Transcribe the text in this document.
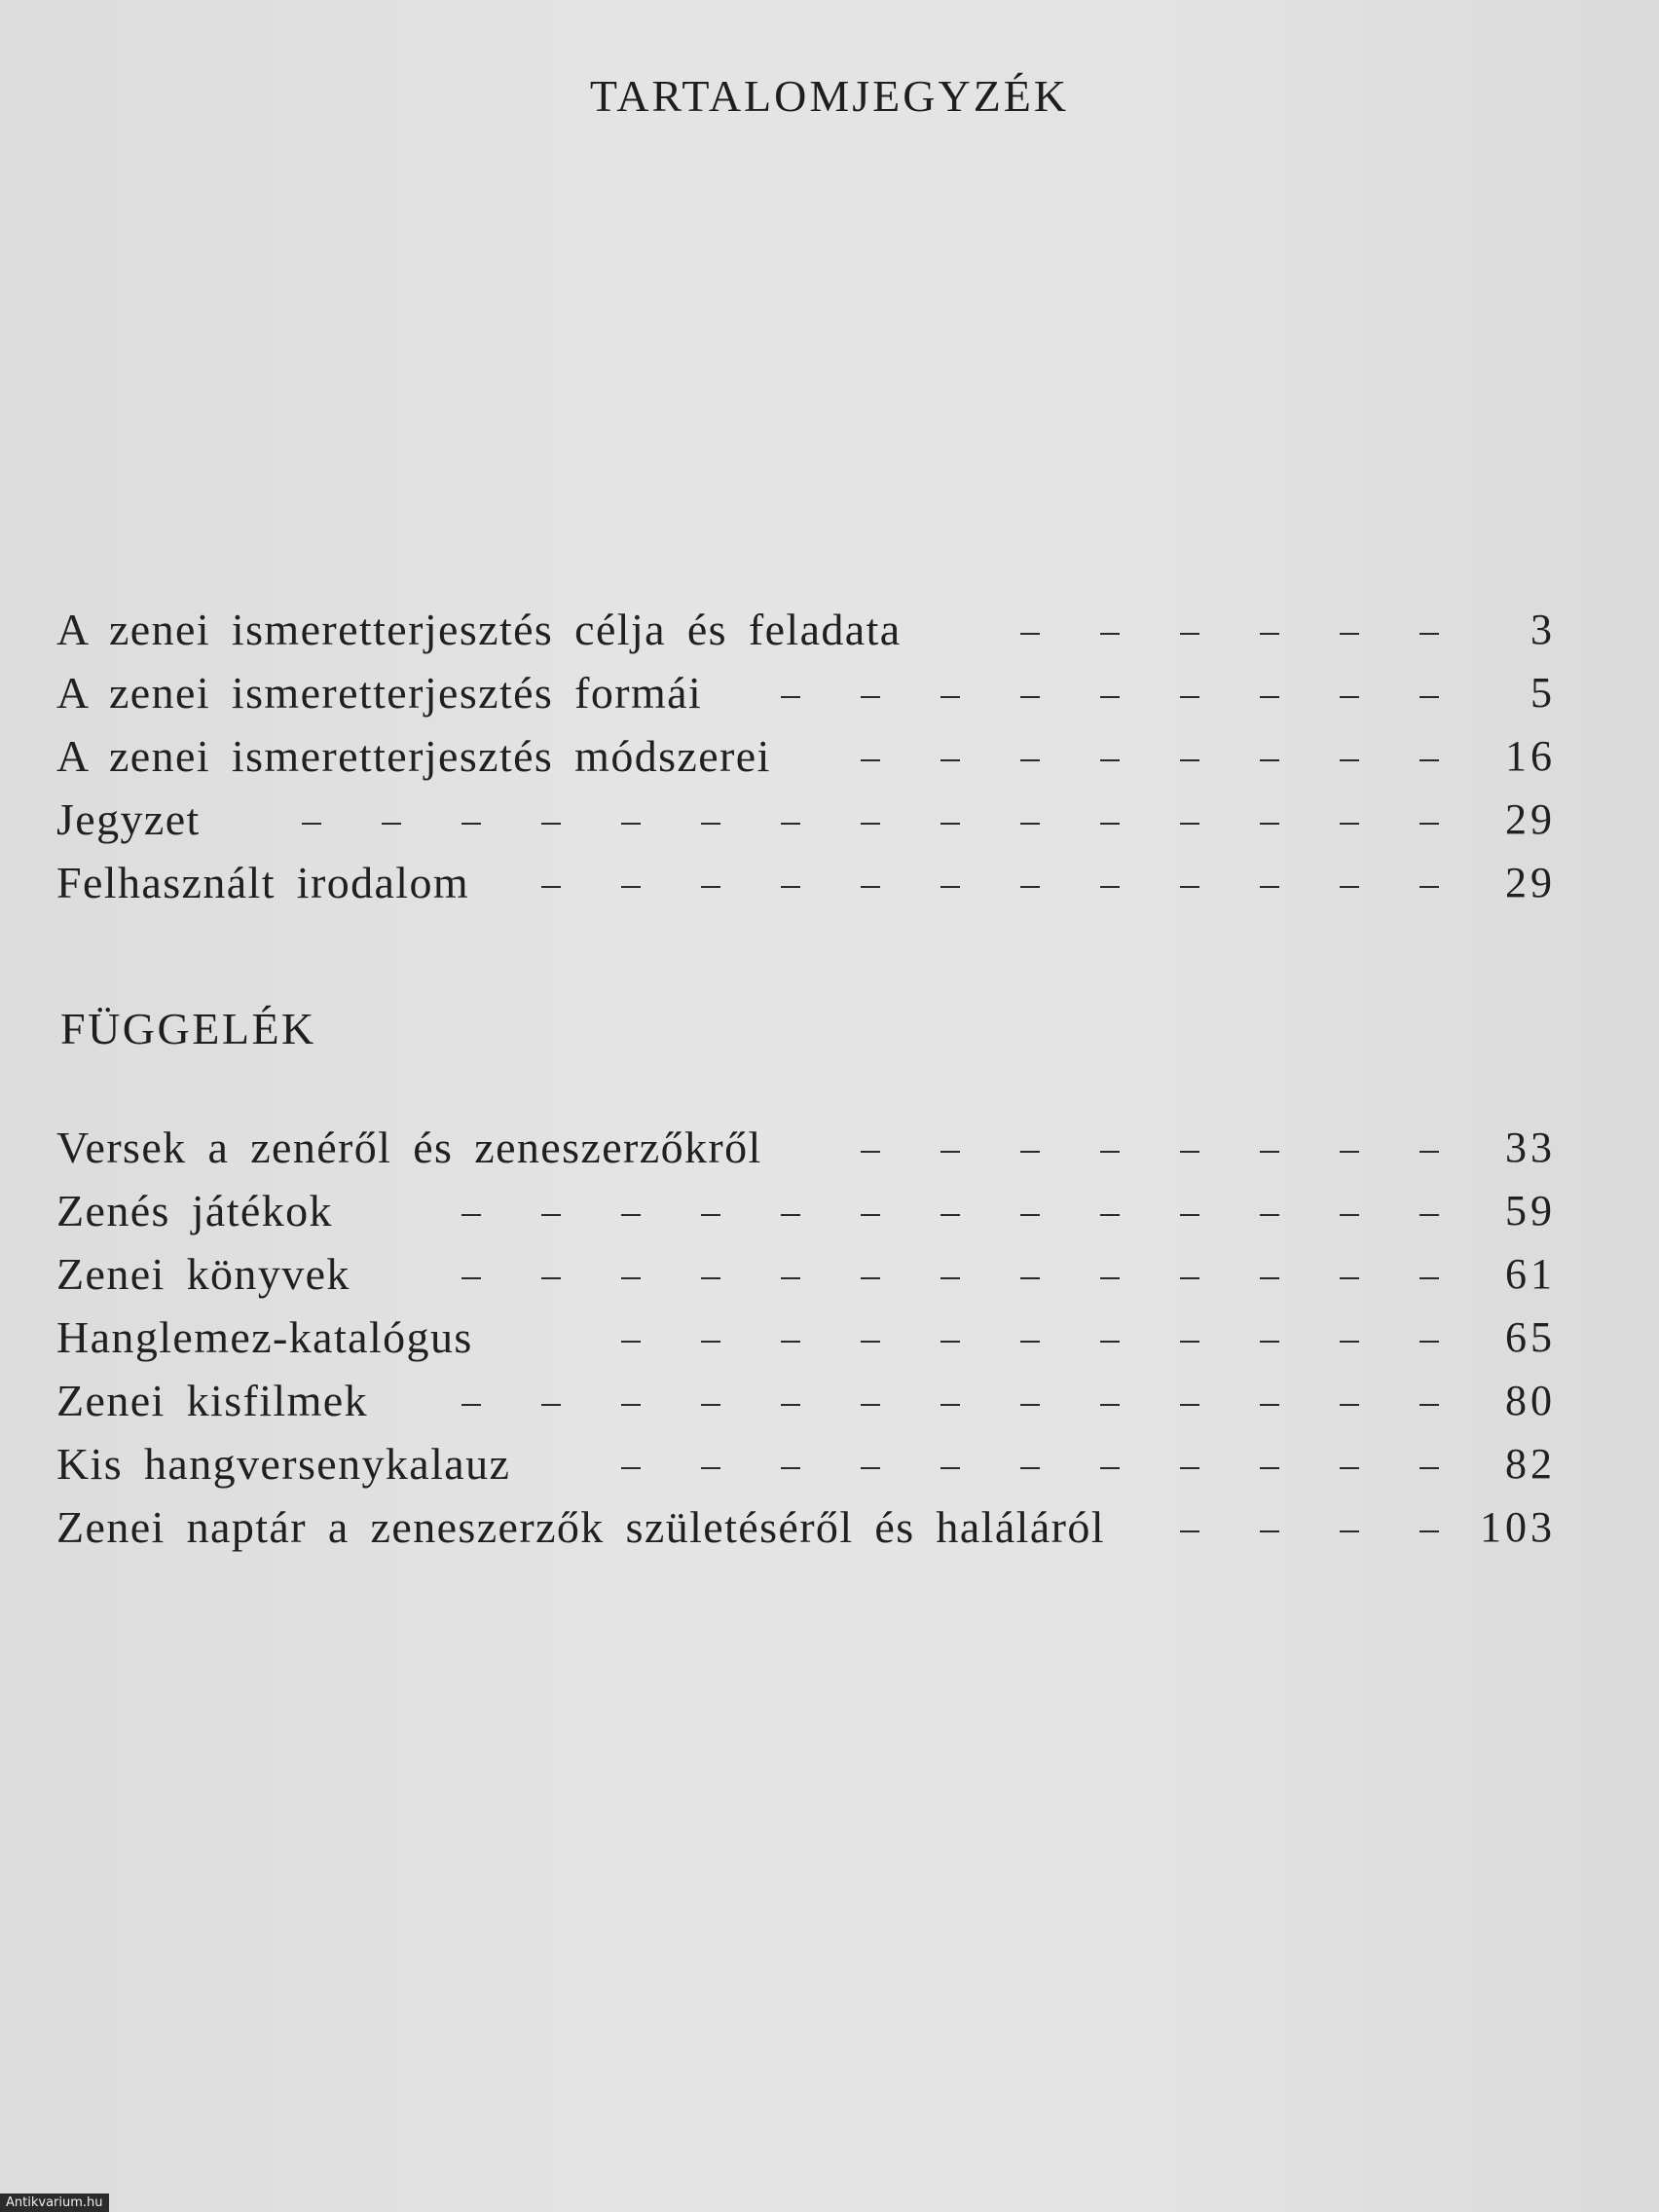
TARTALOMJEGYZÉK
A zenei ismeretterjesztés célja és feladata	3
A zenei ismeretterjesztés formái	5
A zenei ismeretterjesztés módszerei	16
Jegyzet	29
Felhasznált irodalom	29
FÜGGELÉK
Versek a zenéről és zeneszerzőkről	33
Zenés játékok	59
Zenei könyvek	61
Hanglemez-katalógus	65
Zenei kisfilmek	80
Kis hangversenykalauz	82
Zenei naptár a zeneszerzők születéséről és haláláról	103
Antikvarium.hu
